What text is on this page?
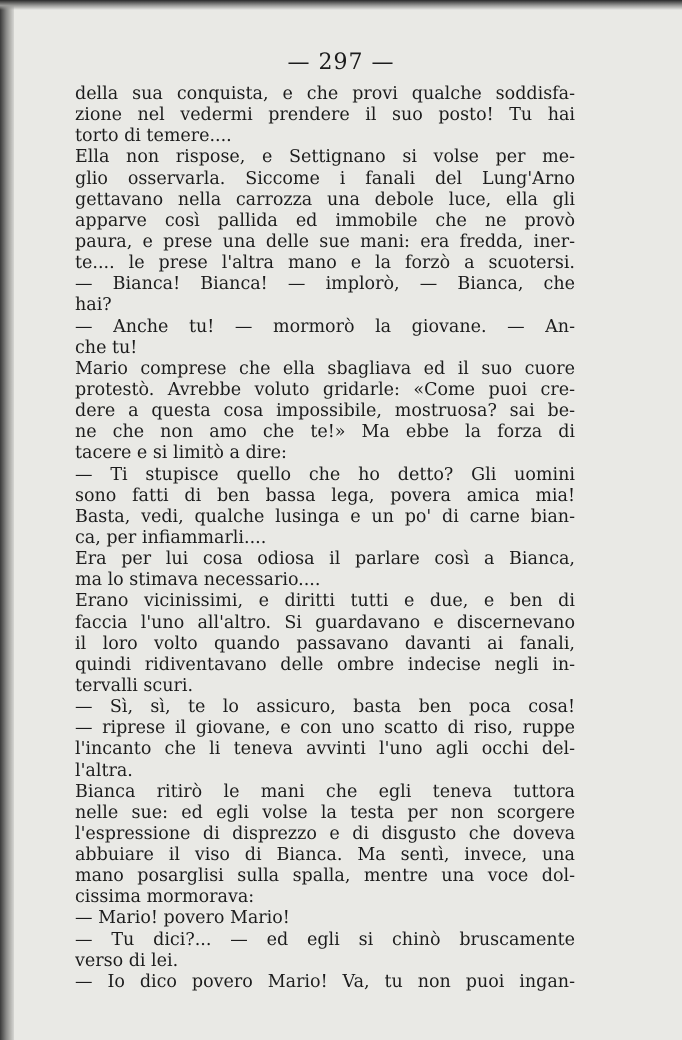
— 297 —
della sua conquista, e che provi qualche soddisfa-
zione nel vedermi prendere il suo posto! Tu hai
torto di temere....
Ella non rispose, e Settignano si volse per me-
glio osservarla. Siccome i fanali del Lung'Arno
gettavano nella carrozza una debole luce, ella gli
apparve così pallida ed immobile che ne provò
paura, e prese una delle sue mani: era fredda, iner-
te.... le prese l'altra mano e la forzò a scuotersi.
— Bianca! Bianca! — implorò, — Bianca, che
hai?
— Anche tu! — mormorò la giovane. — An-
che tu!
Mario comprese che ella sbagliava ed il suo cuore
protestò. Avrebbe voluto gridarle: «Come puoi cre-
dere a questa cosa impossibile, mostruosa? sai be-
ne che non amo che te!» Ma ebbe la forza di
tacere e si limitò a dire:
— Ti stupisce quello che ho detto? Gli uomini
sono fatti di ben bassa lega, povera amica mia!
Basta, vedi, qualche lusinga e un po' di carne bian-
ca, per infiammarli....
Era per lui cosa odiosa il parlare così a Bianca,
ma lo stimava necessario....
Erano vicinissimi, e diritti tutti e due, e ben di
faccia l'uno all'altro. Si guardavano e discernevano
il loro volto quando passavano davanti ai fanali,
quindi ridiventavano delle ombre indecise negli in-
tervalli scuri.
— Sì, sì, te lo assicuro, basta ben poca cosa!
— riprese il giovane, e con uno scatto di riso, ruppe
l'incanto che li teneva avvinti l'uno agli occhi del-
l'altra.
Bianca ritirò le mani che egli teneva tuttora
nelle sue: ed egli volse la testa per non scorgere
l'espressione di disprezzo e di disgusto che doveva
abbuiare il viso di Bianca. Ma sentì, invece, una
mano posarglisi sulla spalla, mentre una voce dol-
cissima mormorava:
— Mario! povero Mario!
— Tu dici?... — ed egli si chinò bruscamente
verso di lei.
— Io dico povero Mario! Va, tu non puoi ingan-
